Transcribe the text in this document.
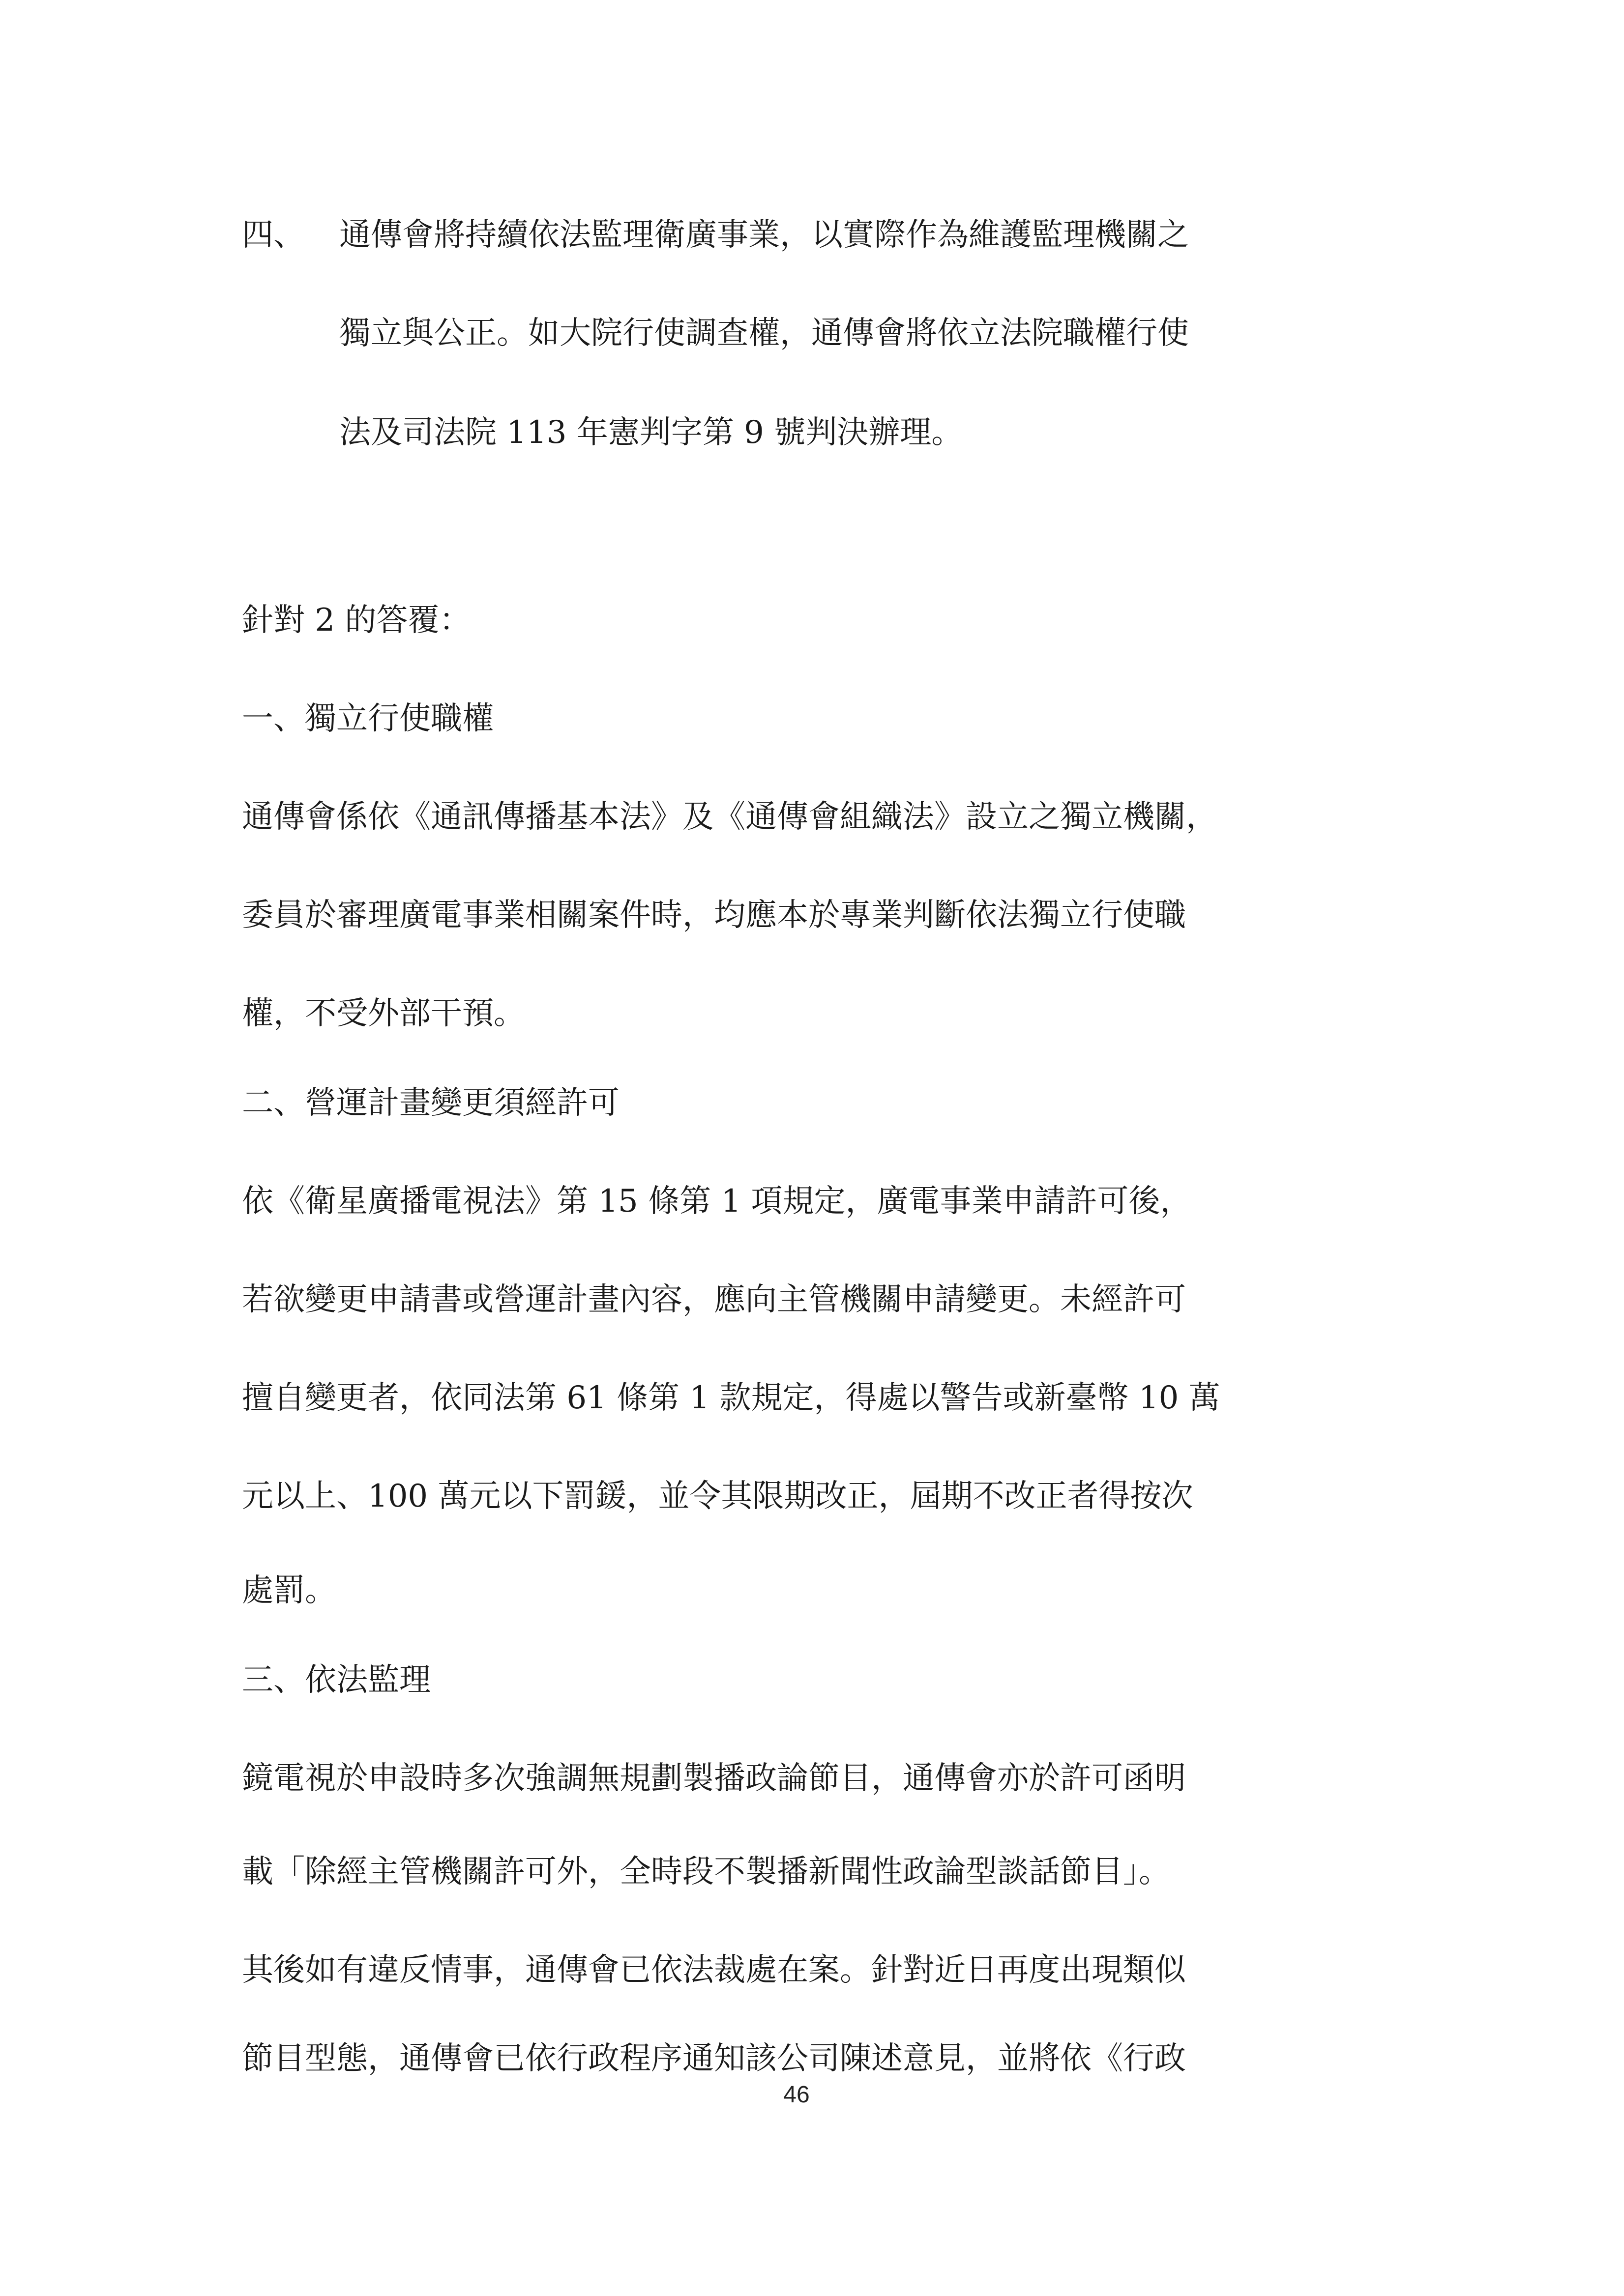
四、 通傳會將持續依法監理衛廣事業，以實際作為維護監理機關之
獨立與公正。如大院行使調查權，通傳會將依立法院職權行使
法及司法院 113 年憲判字第 9 號判決辦理。
針對 2 的答覆：
一、獨立行使職權
通傳會係依《通訊傳播基本法》及《通傳會組織法》設立之獨立機關，
委員於審理廣電事業相關案件時，均應本於專業判斷依法獨立行使職
權，不受外部干預。
二、營運計畫變更須經許可
依《衛星廣播電視法》第 15 條第 1 項規定，廣電事業申請許可後，
若欲變更申請書或營運計畫內容，應向主管機關申請變更。未經許可
擅自變更者，依同法第 61 條第 1 款規定，得處以警告或新臺幣 10 萬
元以上、100 萬元以下罰鍰，並令其限期改正，屆期不改正者得按次
處罰。
三、依法監理
鏡電視於申設時多次強調無規劃製播政論節目，通傳會亦於許可函明
載「除經主管機關許可外，全時段不製播新聞性政論型談話節目」。
其後如有違反情事，通傳會已依法裁處在案。針對近日再度出現類似
節目型態，通傳會已依行政程序通知該公司陳述意見，並將依《行政
46
